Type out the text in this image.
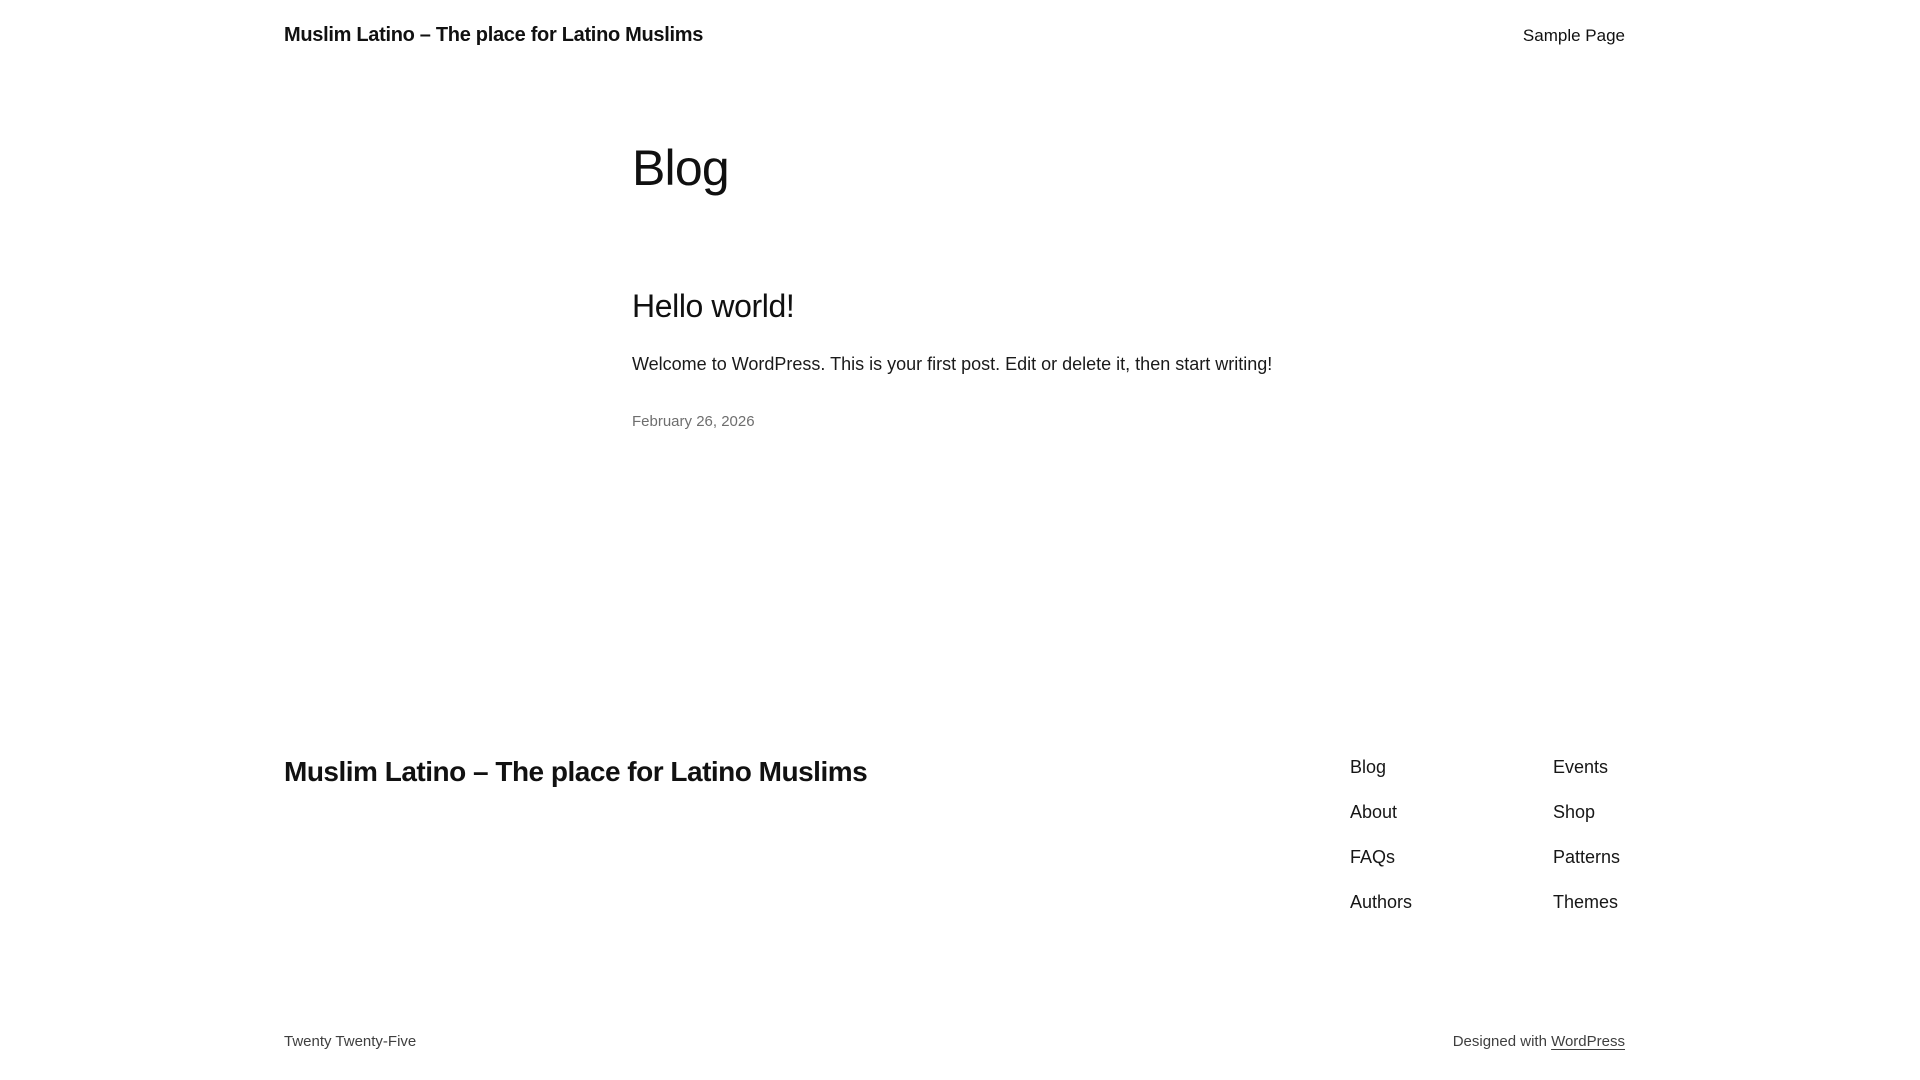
Muslim Latino – The place for Latino Muslims	Sample Page
Blog
Hello world!

Welcome to WordPress. This is your first post. Edit or delete it, then start writing!

February 26, 2026
Muslim Latino – The place for Latino Muslims	Blog
About
FAQs
Authors
Events
Shop
Patterns
Themes
Twenty Twenty-Five	Designed with WordPress
